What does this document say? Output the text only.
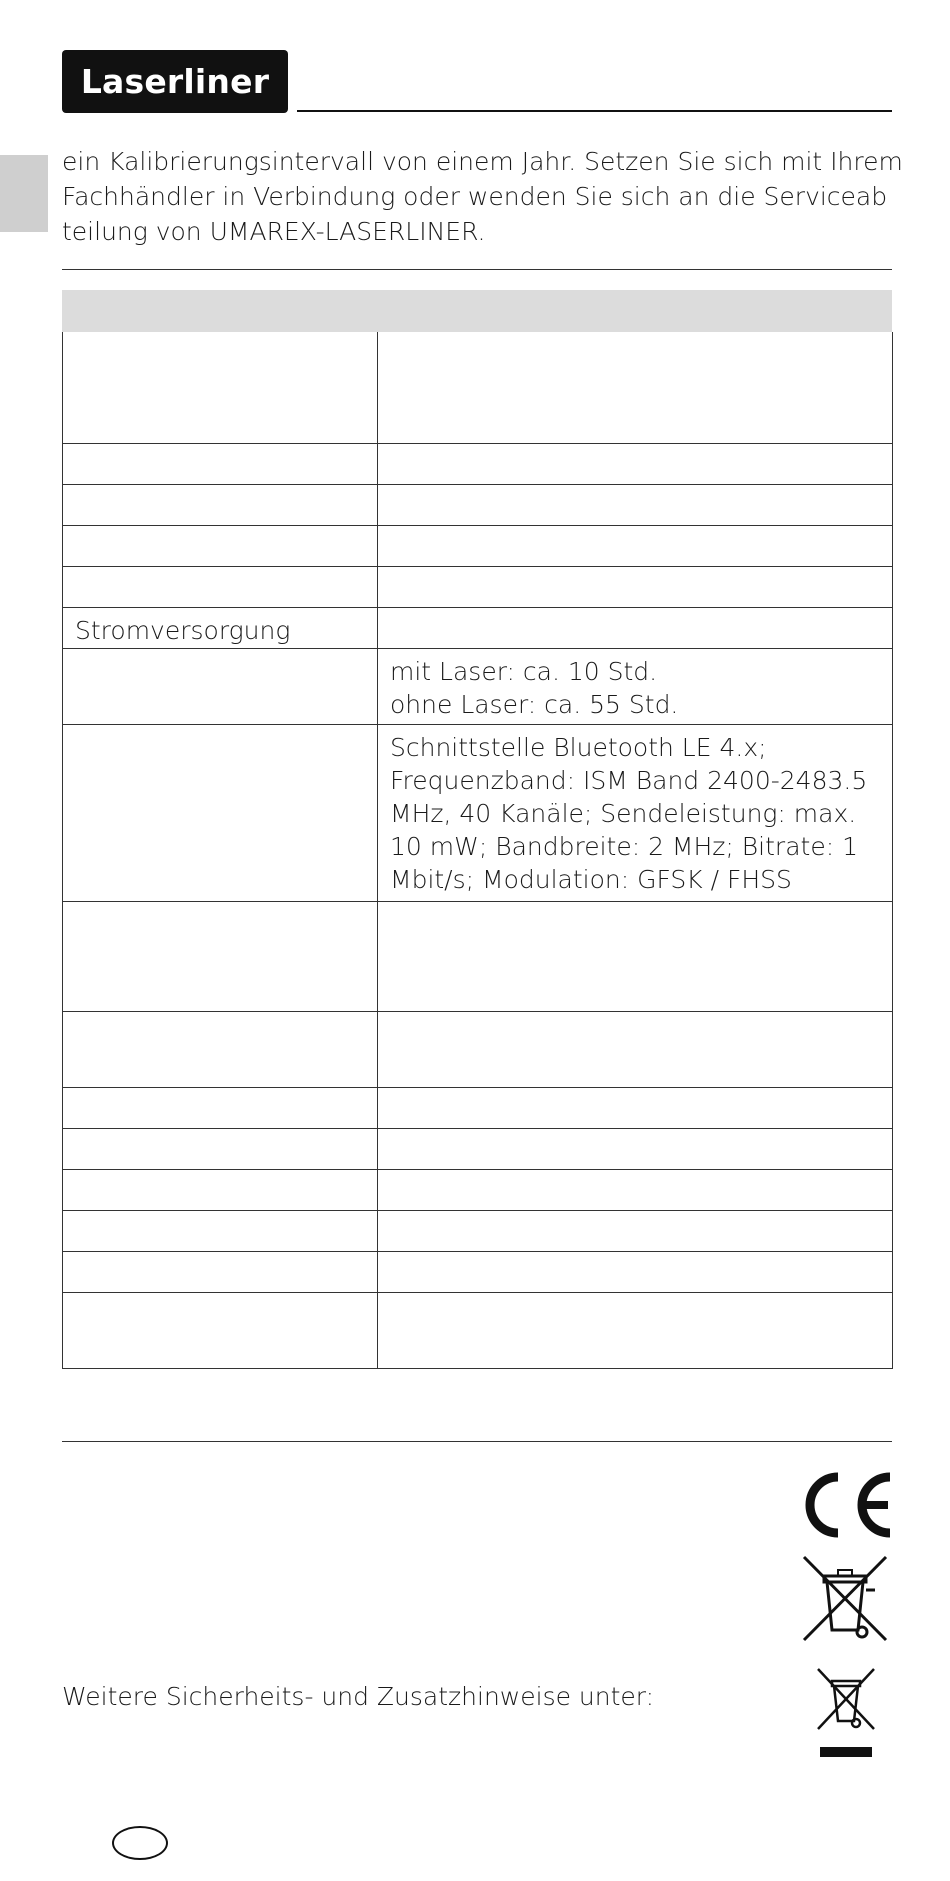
Laserliner
ein Kalibrierungsintervall von einem Jahr. Setzen Sie sich mit Ihrem
Fachhändler in Verbindung oder wenden Sie sich an die Serviceab
teilung von UMAREX-LASERLINER.

Stromversorgung	

	mit Laser: ca. 10 Std.
ohne Laser: ca. 55 Std.

	Schnittstelle Bluetooth LE 4.x;
Frequenzband: ISM Band 2400-2483.5
MHz, 40 Kanäle; Sendeleistung: max.
10 mW; Bandbreite: 2 MHz; Bitrate: 1
Mbit/s; Modulation: GFSK / FHSS

Weitere Sicherheits- und Zusatzhinweise unter:
